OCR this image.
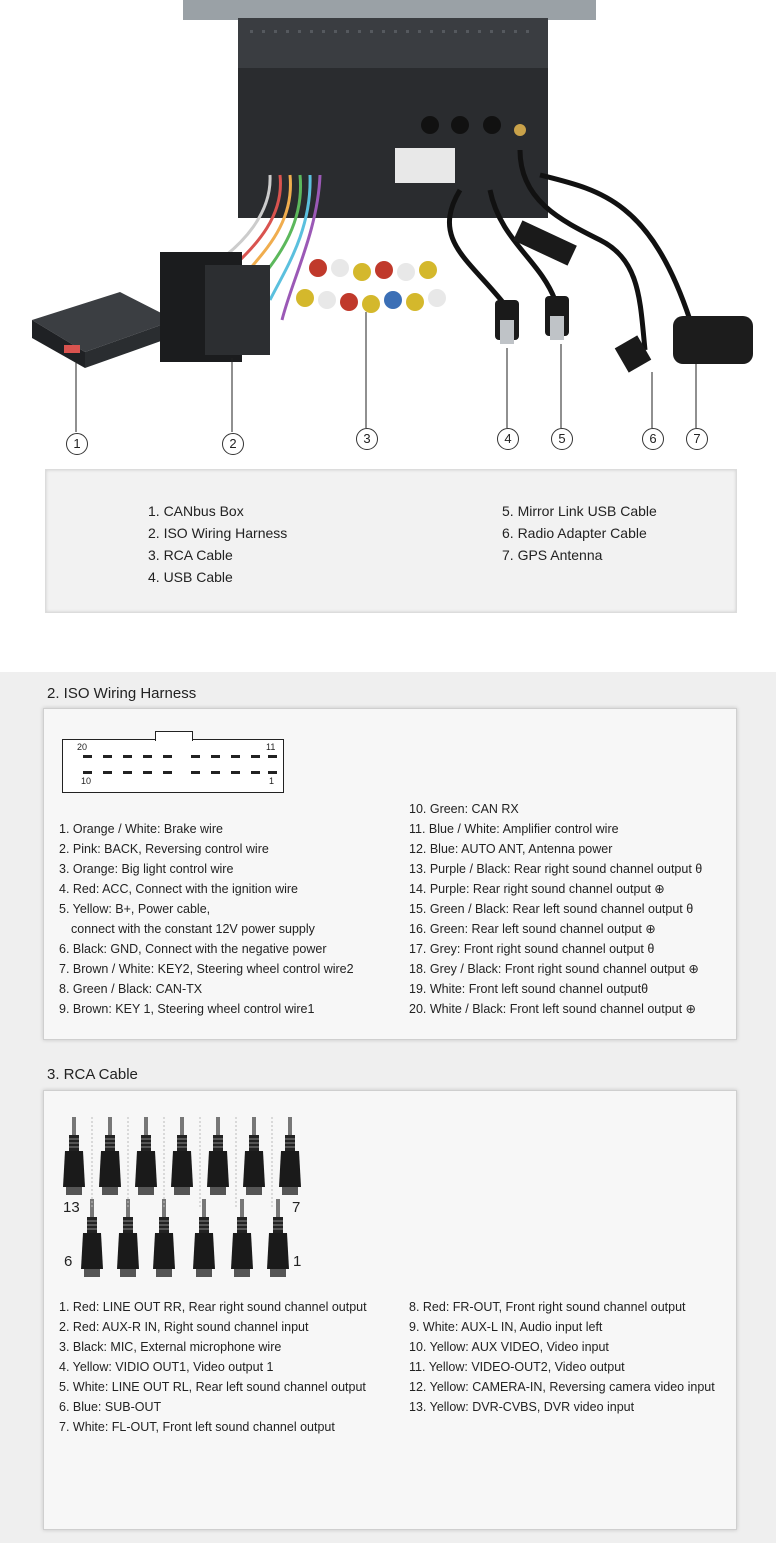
1	2	3	4	5	6	7
1. CANbus Box
2. ISO Wiring Harness
3. RCA Cable
4. USB Cable
5. Mirror Link USB Cable
6. Radio Adapter Cable
7. GPS Antenna
2. ISO Wiring Harness
20	11
10	1
1. Orange / White: Brake wire
2. Pink: BACK, Reversing control wire
3. Orange: Big light control wire
4. Red: ACC, Connect with the ignition wire
5. Yellow: B+, Power cable,
connect with the constant 12V power supply
6. Black: GND, Connect with the negative power
7. Brown / White: KEY2, Steering wheel control wire2
8. Green / Black: CAN-TX
9. Brown: KEY 1, Steering wheel control wire1
10. Green: CAN RX
11. Blue / White: Amplifier control wire
12. Blue: AUTO ANT, Antenna power
13. Purple / Black: Rear right sound channel output θ
14. Purple: Rear right sound channel output ⊕
15. Green / Black: Rear left sound channel output θ
16. Green: Rear left sound channel output ⊕
17. Grey: Front right sound channel output θ
18. Grey / Black: Front right sound channel output ⊕
19. White: Front left sound channel outputθ
20. White / Black: Front left sound channel output ⊕
3. RCA Cable
13	7
6	1
1. Red: LINE OUT RR, Rear right sound channel output
2. Red: AUX-R IN, Right sound channel input
3. Black: MIC, External microphone wire
4. Yellow: VIDIO OUT1, Video output 1
5. White: LINE OUT RL, Rear left sound channel output
6. Blue: SUB-OUT
7. White: FL-OUT, Front left sound channel output
8. Red: FR-OUT, Front right sound channel output
9. White: AUX-L IN, Audio input left
10. Yellow: AUX VIDEO, Video input
11. Yellow: VIDEO-OUT2, Video output
12. Yellow: CAMERA-IN, Reversing camera video input
13. Yellow: DVR-CVBS, DVR video input
